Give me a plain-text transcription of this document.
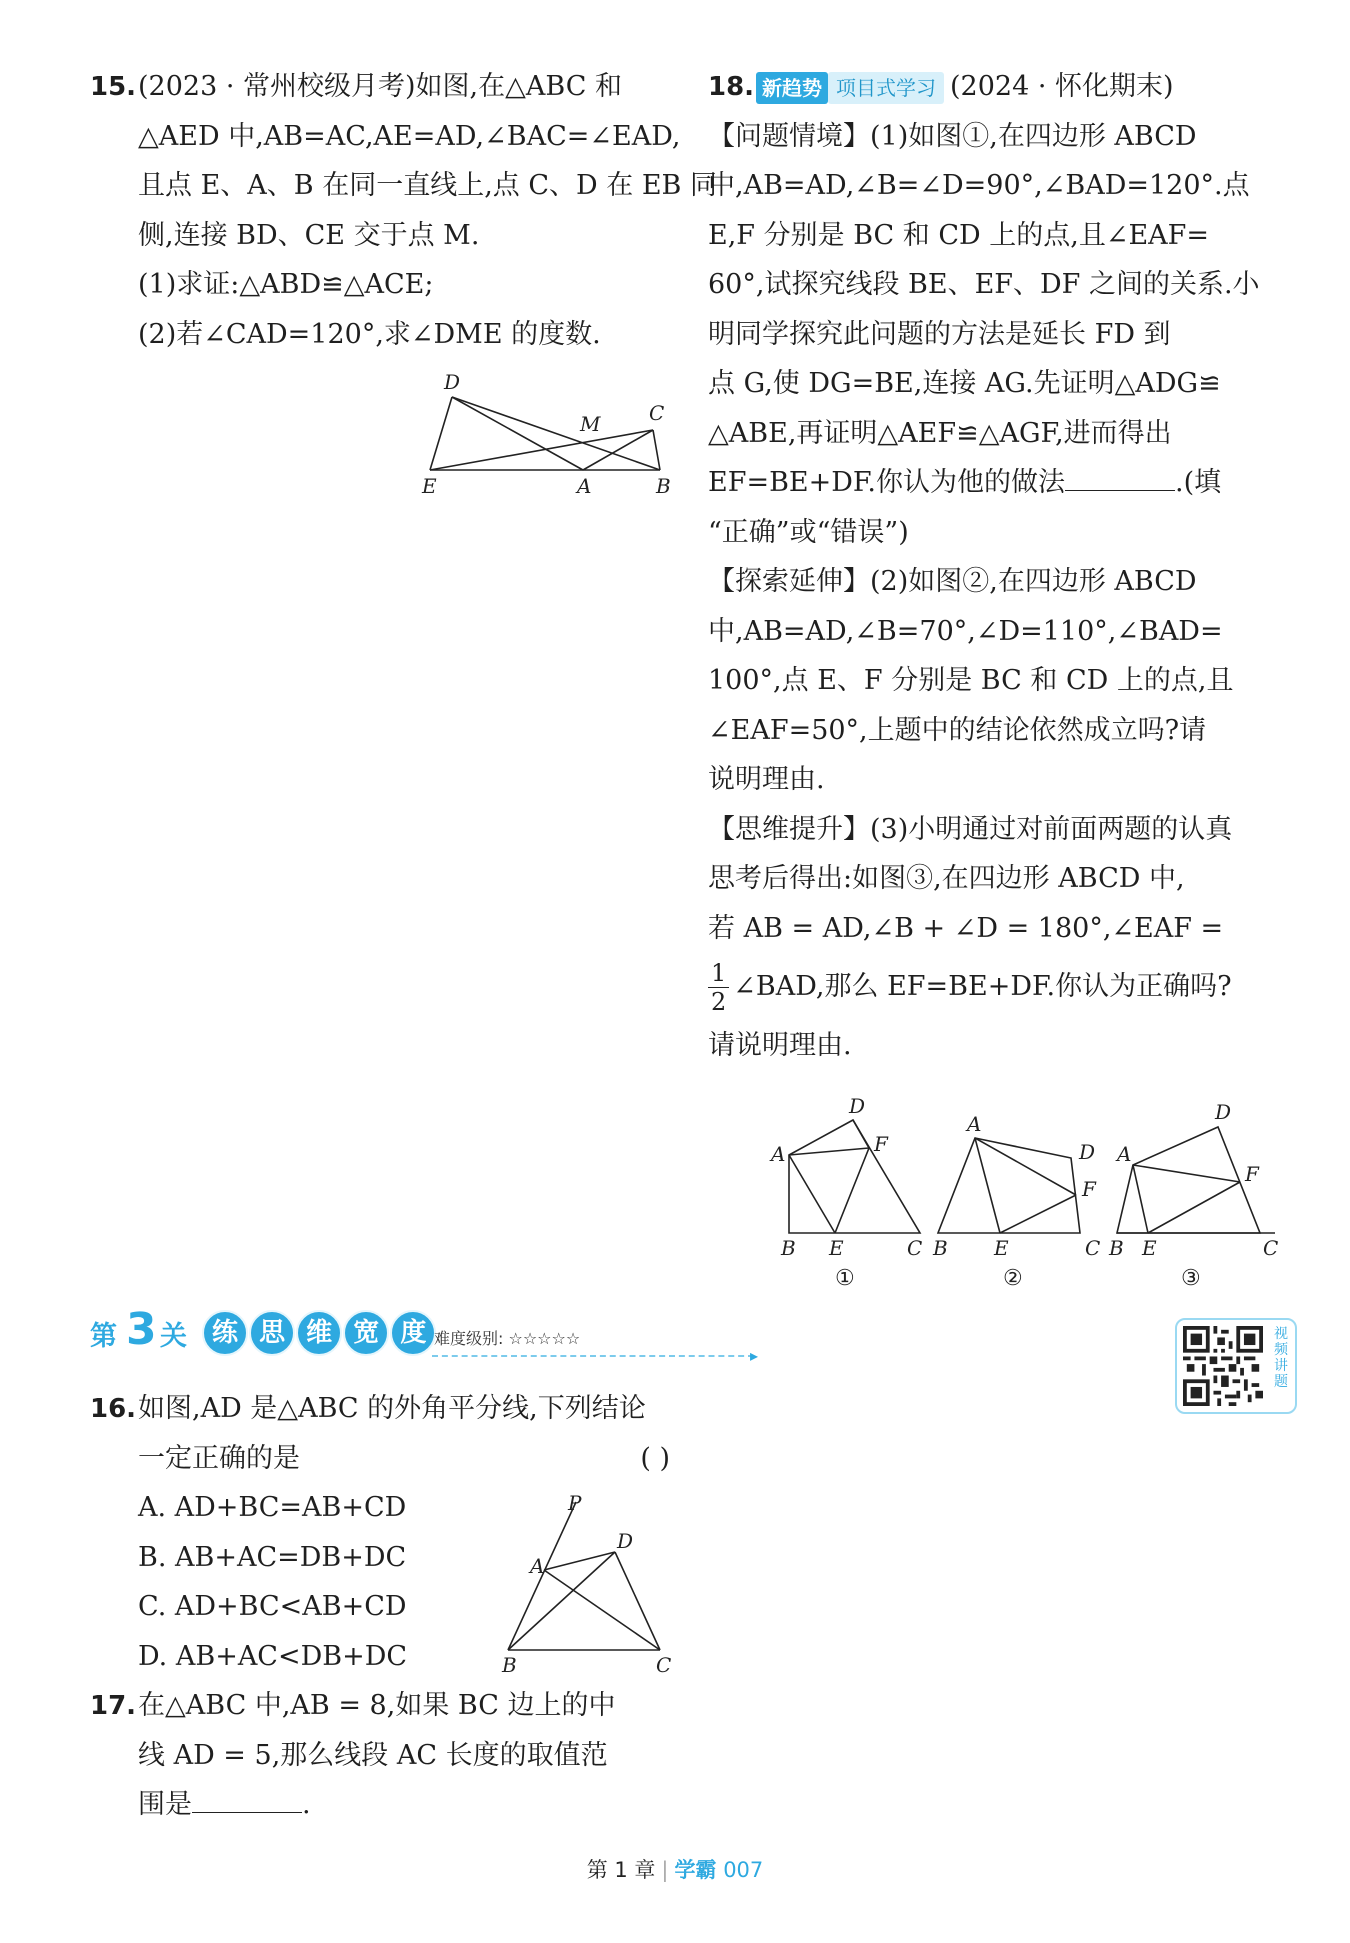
15.(2023 · 常州校级月考)如图,在△ABC 和
△AED 中,AB=AC,AE=AD,∠BAC=∠EAD,
且点 E、A、B 在同一直线上,点 C、D 在 EB 同
侧,连接 BD、CE 交于点 M.
(1)求证:△ABD≌△ACE;
(2)若∠CAD=120°,求∠DME 的度数.
D
M C
E	A	B
18. 新趋势 项目式学习 (2024 · 怀化期末)
【问题情境】(1)如图①,在四边形 ABCD
中,AB=AD,∠B=∠D=90°,∠BAD=120°.点
E,F 分别是 BC 和 CD 上的点,且∠EAF=
60°,试探究线段 BE、EF、DF 之间的关系.小
明同学探究此问题的方法是延长 FD 到
点 G,使 DG=BE,连接 AG.先证明△ADG≌
△ABE,再证明△AEF≌△AGF,进而得出
EF=BE+DF.你认为他的做法	.(填
“正确”或“错误”)
【探索延伸】(2)如图②,在四边形 ABCD
中,AB=AD,∠B=70°,∠D=110°,∠BAD=
100°,点 E、F 分别是 BC 和 CD 上的点,且
∠EAF=50°,上题中的结论依然成立吗?请
说明理由.
【思维提升】(3)小明通过对前面两题的认真
思考后得出:如图③,在四边形 ABCD 中,
若 AB = AD,∠B + ∠D = 180°,∠EAF =
$\frac{1}{2}$ ∠BAD,那么 EF=BE+DF.你认为正确吗?
请说明理由.
A
D
F
B E	C
①
A
D
F
B E	C
②
A
D
F
B E	C
③
第 3 关 练 思 维 宽 度 难度级别: ☆☆☆☆☆
▸
视频讲题
16.如图,AD 是△ABC 的外角平分线,下列结论
一定正确的是	( )
A. AD+BC=AB+CD
B. AB+AC=DB+DC
C. AD+BC<AB+CD
D. AB+AC<DB+DC
P
A
D
B	C
17.在△ABC 中,AB = 8,如果 BC 边上的中
线 AD = 5,那么线段 AC 长度的取值范
围是	.
第 1 章 | 学霸 007
